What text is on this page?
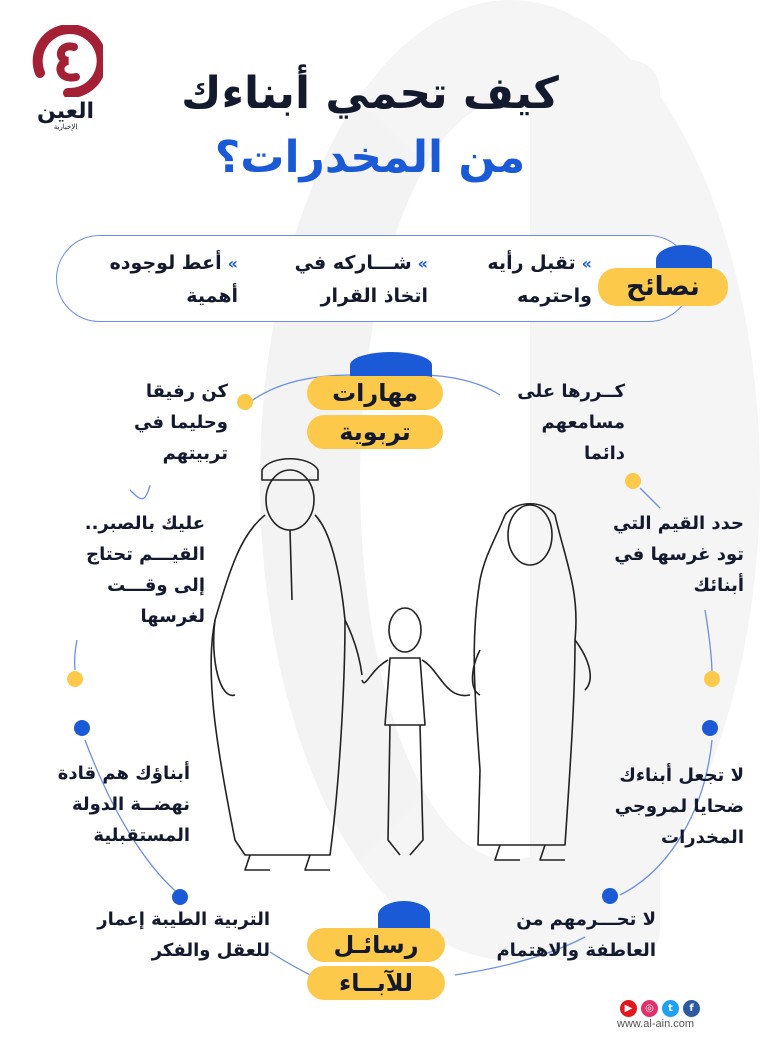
العين
الإخبارية
كيف تحمي أبناءك
من المخدرات؟
نصائح
»تقبل رأيه
واحترمه
»شـــاركه في
اتخاذ القرار
»أعط لوجوده
أهمية
مهارات
تربوية
رسائـل
للآبــاء
كن رفيقا
وحليما في
تربيتهم
عليك بالصبر..
القيـــم تحتاج
إلى وقـــت
لغرسها
أبناؤك هم قادة
نهضــة الدولة
المستقبلية
التربية الطيبة إعمار
للعقل والفكر
كــررها على
مسامعهم
دائما
حدد القيم التي
تود غرسها في
أبنائك
لا تجعل أبناءك
ضحايا لمروجي
المخدرات
لا تحـــرمهم من
العاطفة والاهتمام
▶	◎	t	f
www.al-ain.com
